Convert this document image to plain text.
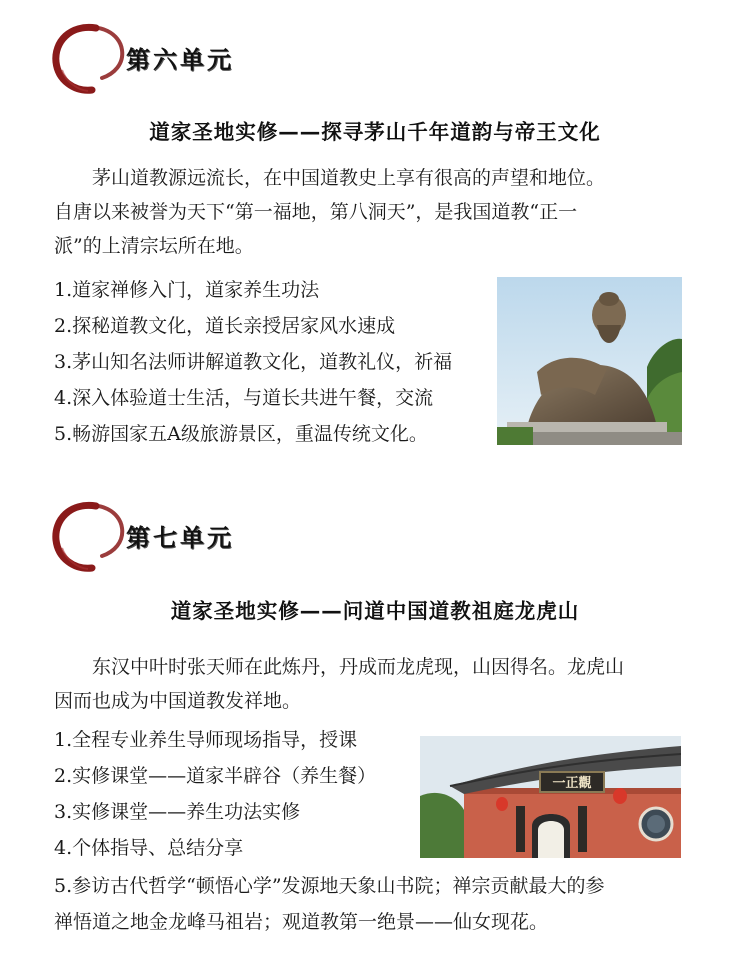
第六单元
道家圣地实修——探寻茅山千年道韵与帝王文化
　　茅山道教源远流长，在中国道教史上享有很高的声望和地位。
自唐以来被誉为天下“第一福地，第八洞天”，是我国道教“正一
派”的上清宗坛所在地。
1.道家禅修入门，道家养生功法
2.探秘道教文化，道长亲授居家风水速成
3.茅山知名法师讲解道教文化，道教礼仪，祈福
4.深入体验道士生活，与道长共进午餐，交流
5.畅游国家五A级旅游景区，重温传统文化。
第七单元
道家圣地实修——问道中国道教祖庭龙虎山
　　东汉中叶时张天师在此炼丹，丹成而龙虎现，山因得名。龙虎山
因而也成为中国道教发祥地。
1.全程专业养生导师现场指导，授课
2.实修课堂——道家半辟谷（养生餐）
3.实修课堂——养生功法实修
4.个体指导、总结分享
5.参访古代哲学“顿悟心学”发源地天象山书院；禅宗贡献最大的参
禅悟道之地金龙峰马祖岩；观道教第一绝景——仙女现花。
一正觀
